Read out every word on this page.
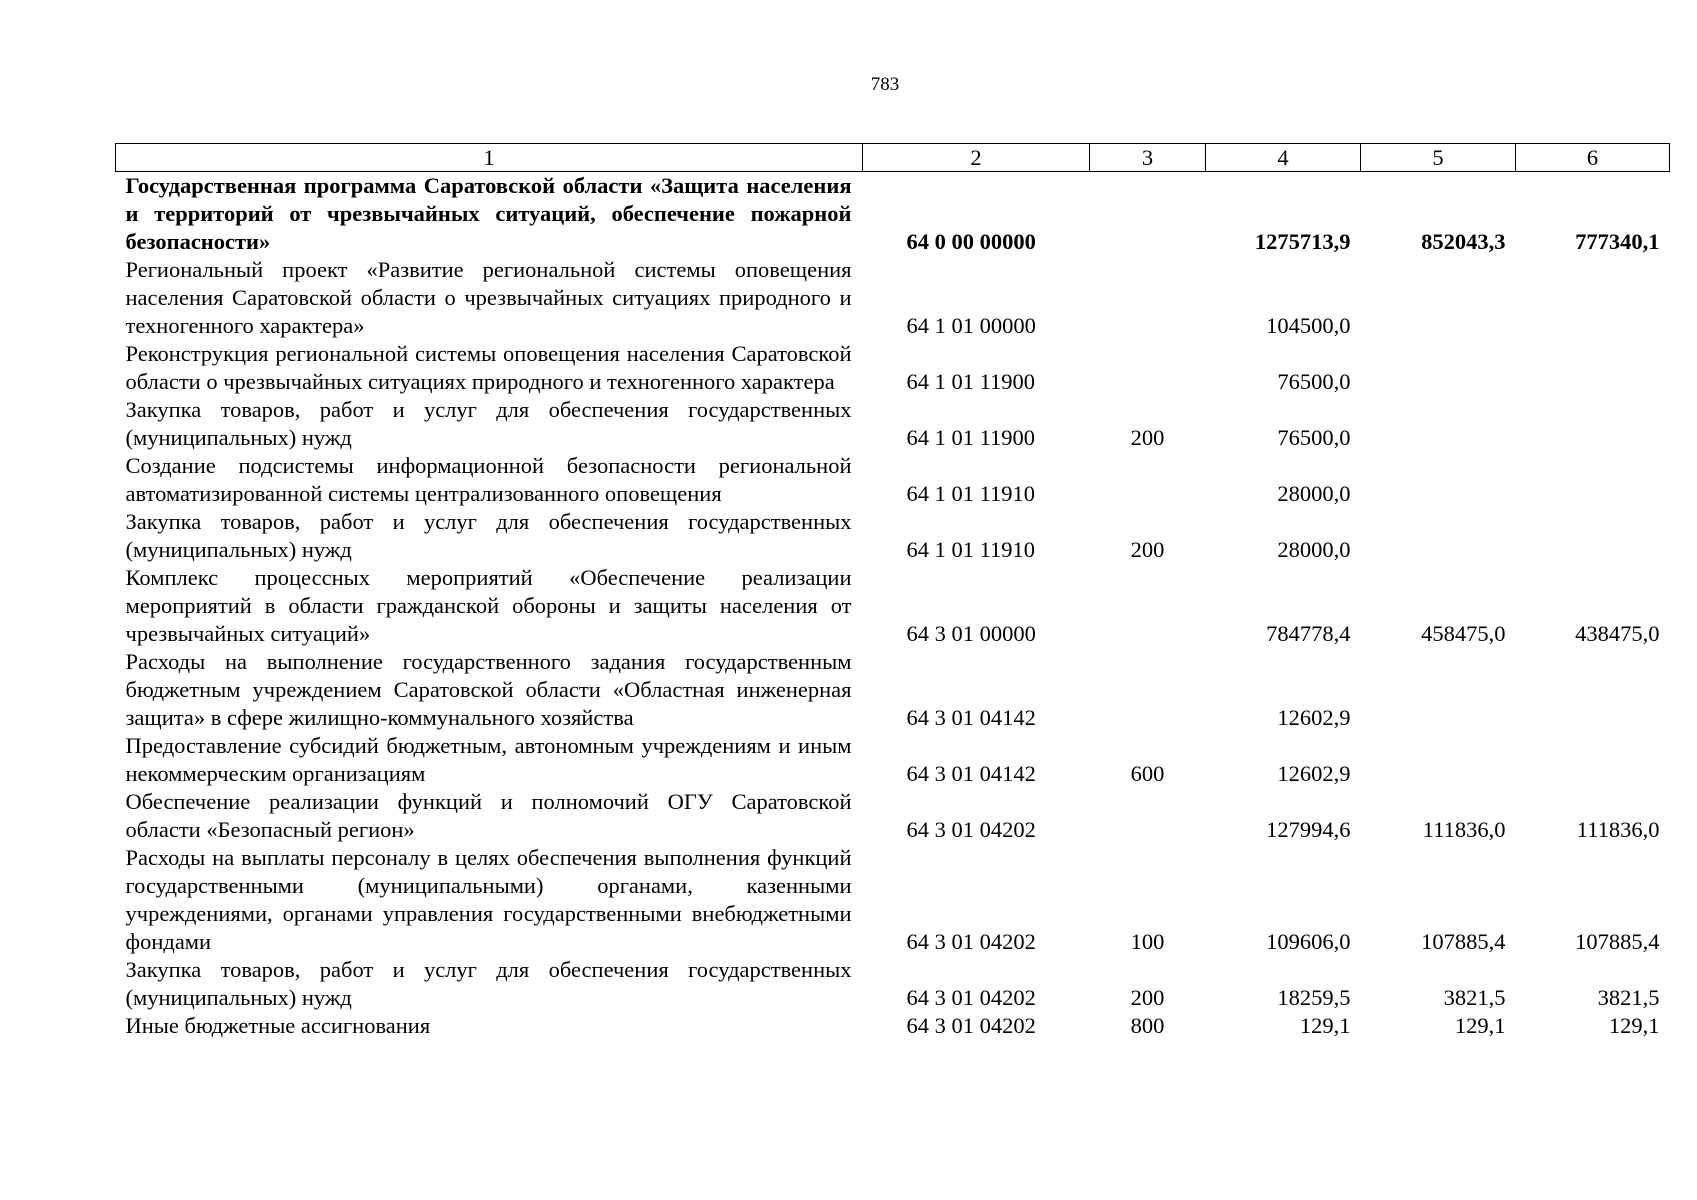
783
1	2	3	4	5	6
Государственная программа Саратовской области «Защита населения и территорий от чрезвычайных ситуаций, обеспечение пожарной безопасности»	64 0 00 00000		1275713,9	852043,3	777340,1
Региональный проект «Развитие региональной системы оповещения населения Саратовской области о чрезвычайных ситуациях природного и техногенного характера»	64 1 01 00000		104500,0		
Реконструкция региональной системы оповещения населения Саратовской области о чрезвычайных ситуациях природного и техногенного характера	64 1 01 11900		76500,0		
Закупка товаров, работ и услуг для обеспечения государственных (муниципальных) нужд	64 1 01 11900	200	76500,0		
Создание подсистемы информационной безопасности региональной автоматизированной системы централизованного оповещения	64 1 01 11910		28000,0		
Закупка товаров, работ и услуг для обеспечения государственных (муниципальных) нужд	64 1 01 11910	200	28000,0		
Комплекс процессных мероприятий «Обеспечение реализации мероприятий в области гражданской обороны и защиты населения от чрезвычайных ситуаций»	64 3 01 00000		784778,4	458475,0	438475,0
Расходы на выполнение государственного задания государственным бюджетным учреждением Саратовской области «Областная инженерная защита» в сфере жилищно-коммунального хозяйства	64 3 01 04142		12602,9		
Предоставление субсидий бюджетным, автономным учреждениям и иным некоммерческим организациям	64 3 01 04142	600	12602,9		
Обеспечение реализации функций и полномочий ОГУ Саратовской области «Безопасный регион»	64 3 01 04202		127994,6	111836,0	111836,0
Расходы на выплаты персоналу в целях обеспечения выполнения функций государственными (муниципальными) органами, казенными учреждениями, органами управления государственными внебюджетными фондами	64 3 01 04202	100	109606,0	107885,4	107885,4
Закупка товаров, работ и услуг для обеспечения государственных (муниципальных) нужд	64 3 01 04202	200	18259,5	3821,5	3821,5
Иные бюджетные ассигнования	64 3 01 04202	800	129,1	129,1	129,1
